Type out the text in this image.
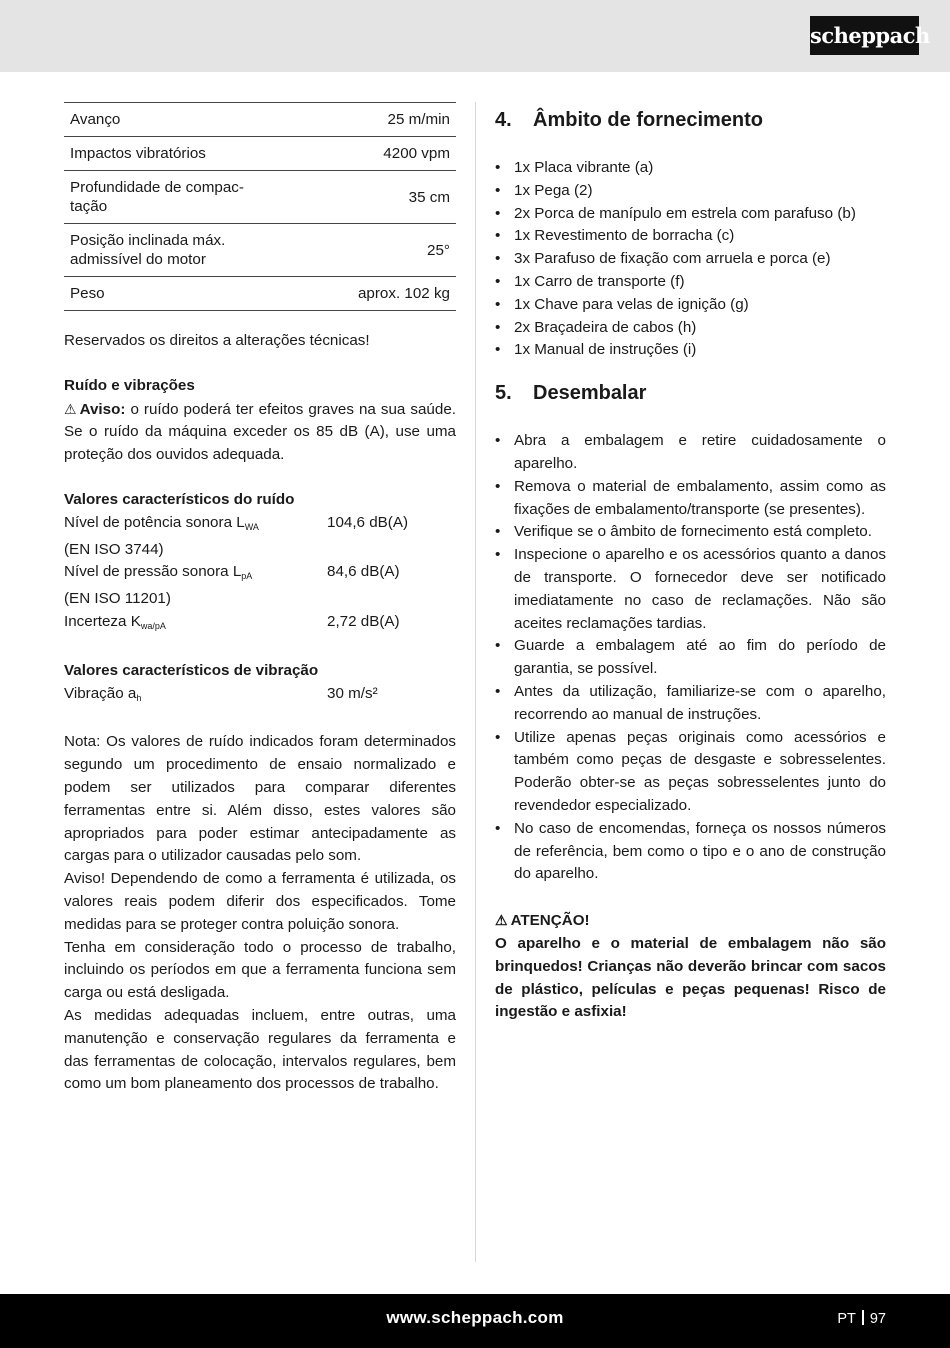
scheppach
Avanço	25 m/min
Impactos vibratórios	4200 vpm
Profundidade de compac-
tação	35 cm
Posição inclinada máx.
admissível do motor	25°
Peso	aprox. 102 kg

Reservados os direitos a alterações técnicas!

Ruído e vibrações

⚠ Aviso: o ruído poderá ter efeitos graves na sua saúde. Se o ruído da máquina exceder os 85 dB (A), use uma proteção dos ouvidos adequada.

Valores característicos do ruído

Nível de potência sonora $L_{WA}$	104,6 dB(A)
(EN ISO 3744)
Nível de pressão sonora $L_{pA}$	84,6 dB(A)
(EN ISO 11201)
Incerteza $K_{wa/pA}$	2,72 dB(A)

Valores característicos de vibração

Vibração $a_h$	30 m/s²

Nota: Os valores de ruído indicados foram determinados segundo um procedimento de ensaio normalizado e podem ser utilizados para comparar diferentes ferramentas entre si. Além disso, estes valores são apropriados para poder estimar antecipadamente as cargas para o utilizador causadas pelo som.

Aviso! Dependendo de como a ferramenta é utilizada, os valores reais podem diferir dos especificados. Tome medidas para se proteger contra poluição sonora.

Tenha em consideração todo o processo de trabalho, incluindo os períodos em que a ferramenta funciona sem carga ou está desligada.

As medidas adequadas incluem, entre outras, uma manutenção e conservação regulares da ferramenta e das ferramentas de colocação, intervalos regulares, bem como um bom planeamento dos processos de trabalho.

4. Âmbito de fornecimento
• 1x Placa vibrante (a)
• 1x Pega (2)
• 2x Porca de manípulo em estrela com parafuso (b)
• 1x Revestimento de borracha (c)
• 3x Parafuso de fixação com arruela e porca (e)
• 1x Carro de transporte (f)
• 1x Chave para velas de ignição (g)
• 2x Braçadeira de cabos (h)
• 1x Manual de instruções (i)
5. Desembalar
• Abra a embalagem e retire cuidadosamente o aparelho.
• Remova o material de embalamento, assim como as fixações de embalamento/transporte (se presentes).
• Verifique se o âmbito de fornecimento está completo.
• Inspecione o aparelho e os acessórios quanto a danos de transporte. O fornecedor deve ser notificado imediatamente no caso de reclamações. Não são aceites reclamações tardias.
• Guarde a embalagem até ao fim do período de garantia, se possível.
• Antes da utilização, familiarize-se com o aparelho, recorrendo ao manual de instruções.
• Utilize apenas peças originais como acessórios e também como peças de desgaste e sobresselentes. Poderão obter-se as peças sobresselentes junto do revendedor especializado.
• No caso de encomendas, forneça os nossos números de referência, bem como o tipo e o ano de construção do aparelho.

⚠ ATENÇÃO!

O aparelho e o material de embalagem não são brinquedos! Crianças não deverão brincar com sacos de plástico, películas e peças pequenas! Risco de ingestão e asfixia!

www.scheppach.com	PT 97
